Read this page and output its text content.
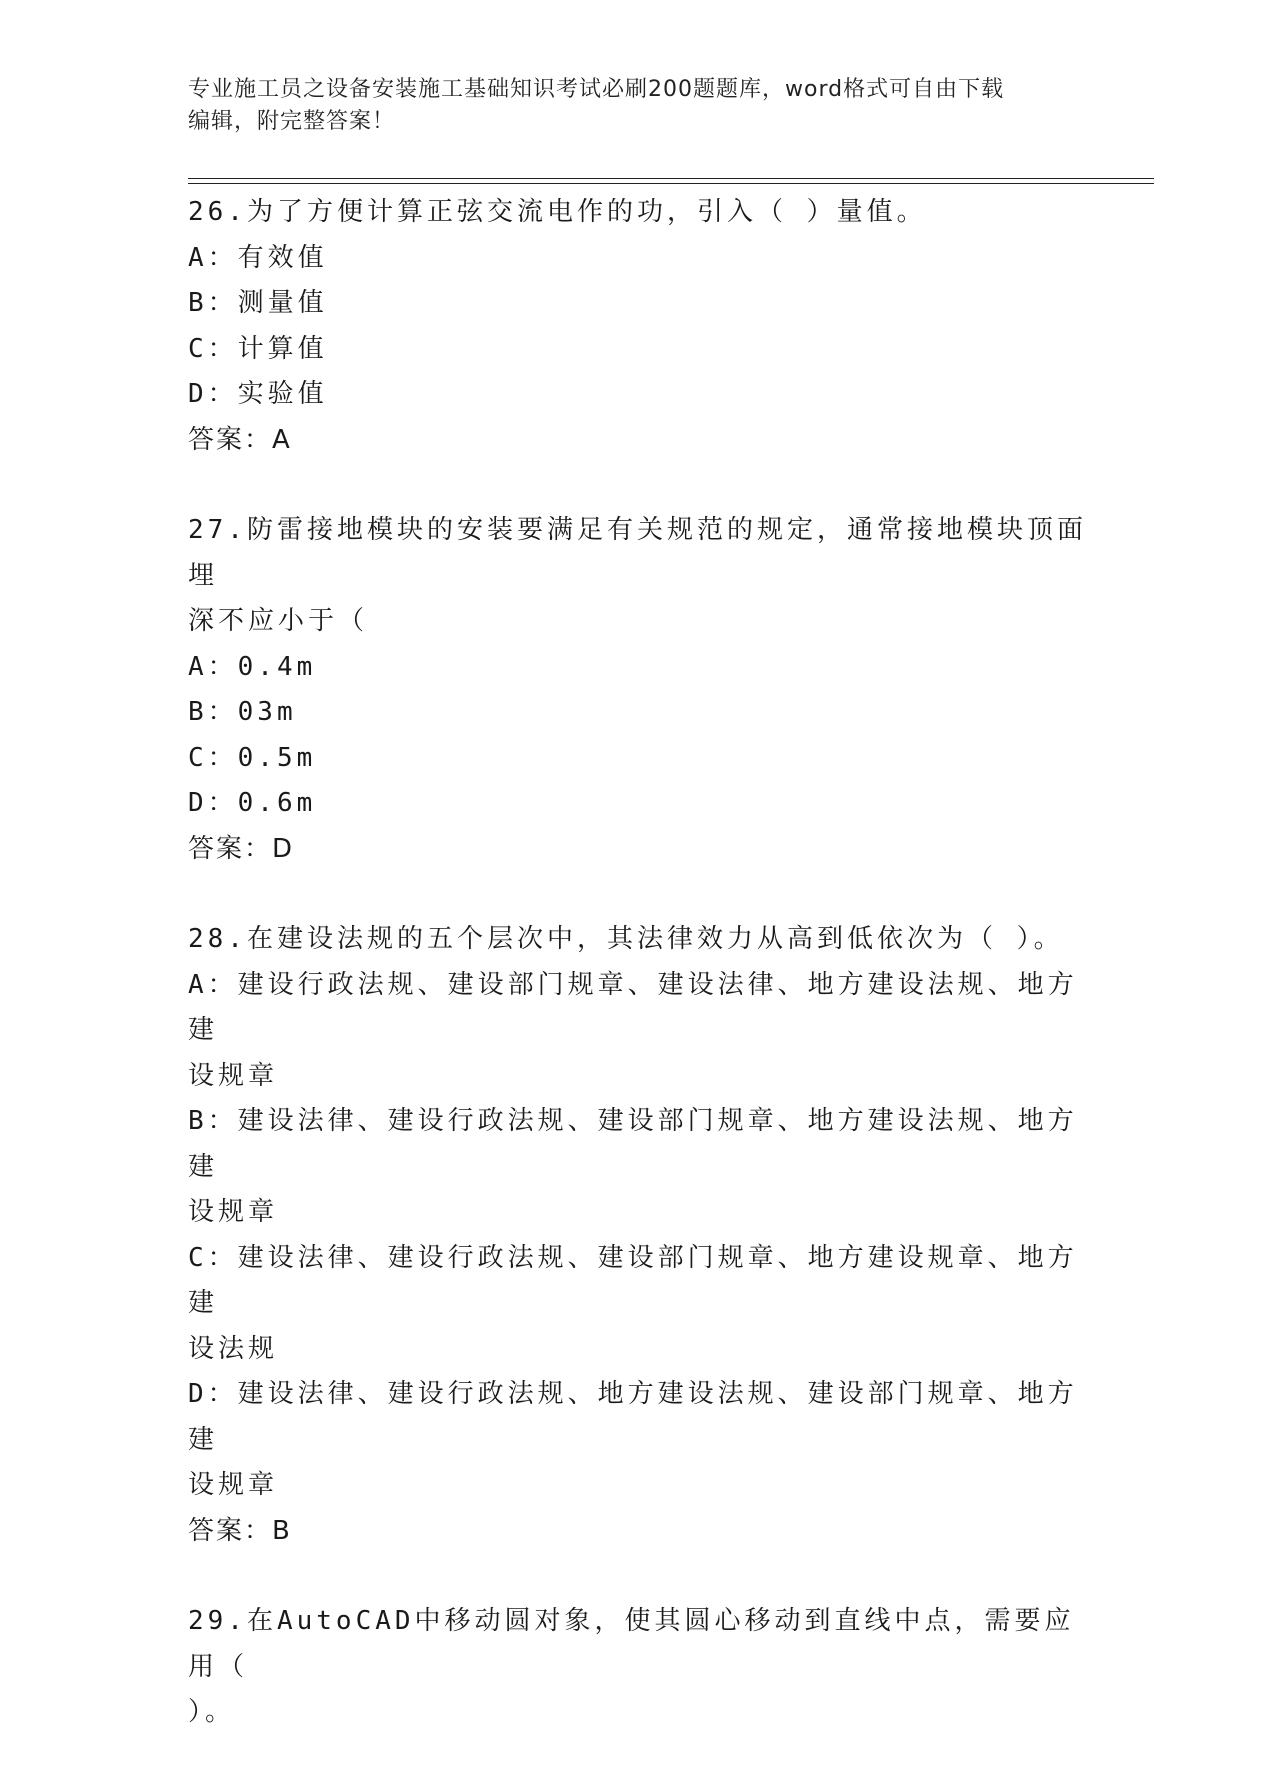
专业施工员之设备安装施工基础知识考试必刷200题题库，word格式可自由下载
编辑，附完整答案！
26.为了方便计算正弦交流电作的功，引入（ ）量值。
A：有效值
B：测量值
C：计算值
D：实验值
答案：A
27.防雷接地模块的安装要满足有关规范的规定，通常接地模块顶面埋
深不应小于（
A：0.4m
B：03m
C：0.5m
D：0.6m
答案：D
28.在建设法规的五个层次中，其法律效力从高到低依次为（ ）。
A：建设行政法规、建设部门规章、建设法律、地方建设法规、地方建
设规章
B：建设法律、建设行政法规、建设部门规章、地方建设法规、地方建
设规章
C：建设法律、建设行政法规、建设部门规章、地方建设规章、地方建
设法规
D：建设法律、建设行政法规、地方建设法规、建设部门规章、地方建
设规章
答案：B
29.在AutoCAD中移动圆对象，使其圆心移动到直线中点，需要应用（
）。
